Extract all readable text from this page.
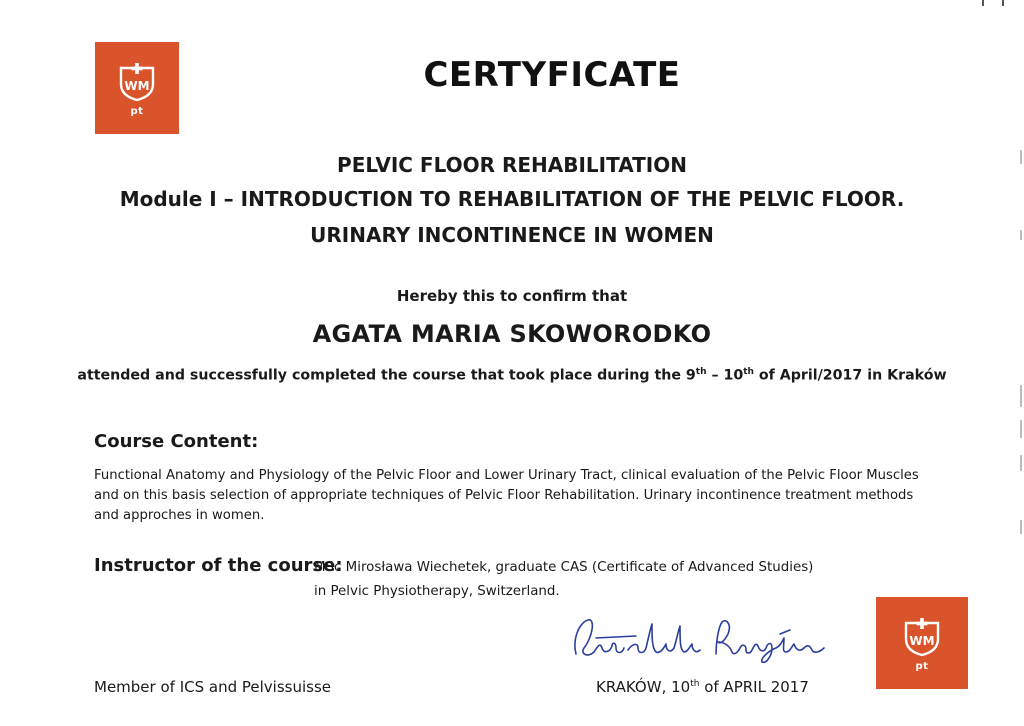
WM
pt
CERTYFICATE
PELVIC FLOOR REHABILITATION
Module I – INTRODUCTION TO REHABILITATION OF THE PELVIC FLOOR.
URINARY INCONTINENCE IN WOMEN
Hereby this to confirm that
AGATA MARIA SKOWORODKO
attended and successfully completed the course that took place during the 9th – 10th of April/2017 in Kraków
Course Content:

Functional Anatomy and Physiology of the Pelvic Floor and Lower Urinary Tract, clinical evaluation of the Pelvic Floor Muscles

and on this basis selection of appropriate techniques of Pelvic Floor Rehabilitation. Urinary incontinence treatment methods

and approches in women.

Instructor of the course:
MSc Mirosława Wiechetek, graduate CAS (Certificate of Advanced Studies)
in Pelvic Physiotherapy, Switzerland.
Member of ICS and Pelvissuisse	KRAKÓW, 10th of APRIL 2017
WM
pt
